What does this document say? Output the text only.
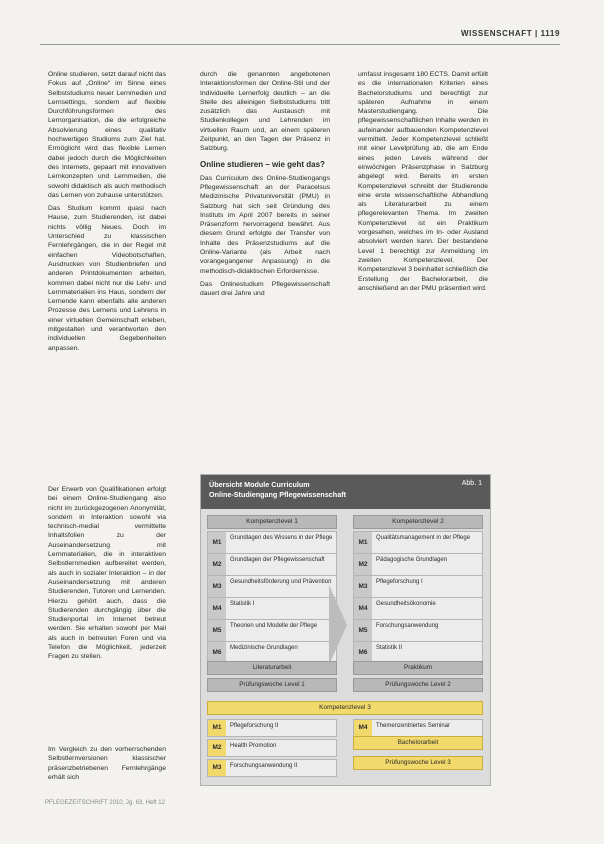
WISSENSCHAFT | 1119

Online studieren, setzt darauf nicht das Fokus auf „Online“ im Sinne eines Selbststudiums neuer Lernmedien und Lernsettings, sondern auf flexible Durchführungsformen des Lernorganisation, die die erfolgreiche Absolvierung eines qualitativ hochwertigen Studiums zum Ziel hat. Ermöglicht wird das flexible Lernen dabei jedoch durch die Möglichkeiten des Internets, gepaart mit innovativen Lernkonzepten und Lernmedien, die sowohl didaktisch als auch methodisch das Lernen von zuhause unterstützen.

Das Studium kommt quasi nach Hause, zum Studierenden, ist dabei nichts völlig Neues. Doch im Unterschied zu klassischen Fernlehrgängen, die in der Regel mit einfachen Videobotschaften, Ausdrucken von Studienbriefen und anderen Printdokumenten arbeiten, kommen dabei nicht nur die Lehr- und Lernmaterialien ins Haus, sondern der Lernende kann ebenfalls alle anderen Prozesse des Lernens und Lehrens in einer virtuellen Gemeinschaft erleben, mitgestalten und verantworten den individuellen Gegebenheiten anpassen.

Der Erwerb von Qualifikationen erfolgt bei einem Online-Studiengang also nicht im zurückgezogenen Anonymität, sondern in Interaktion sowohl via technisch-medial vermittelte Inhaltsfolien zu der Auseinandersetzung mit Lernmaterialien, die in interaktiven Selbstlernmedien aufbereitet werden, als auch in sozialer Interaktion – in der Auseinandersetzung mit anderen Studierenden, Tutoren und Lernenden. Hierzu gehört auch, dass die Studierenden durchgängig über die Studienportal im Internet betreut werden. Sie erhalten sowohl per Mail als auch in betreuten Foren und via Telefon die Möglichkeit, jederzeit Fragen zu stellen.

Im Vergleich zu den vorherrschenden Selbstlernversionen klassischer präsenzbetriebenen Fernlehrgänge erhält sich

durch die genannten angebotenen Interaktionsformen der Online-Stil und der Individuelle Lernerfolg deutlich – an die Stelle des alleinigen Selbststudiums tritt zusätzlich das Austausch mit Studienkollegen und Lehrenden im virtuellen Raum und, an einem späteren Zeitpunkt, an den Tagen der Präsenz in Salzburg.

Online studieren – wie geht das?

Das Curriculum des Online-Studiengangs Pflegewissenschaft an der Paracelsus Medizinische Privatuniversität (PMU) in Salzburg hat sich seit Gründung des Instituts im April 2007 bereits in seiner Präsenzform hervorragend bewährt. Aus diesem Grund erfolgte der Transfer von Inhalte des Präsenzstudiums auf die Online-Variante (als Arbeit nach vorangegangener Anpassung) in die methodisch-didaktischen Erfordernisse.

Das Onlinestudium Pflegewissenschaft dauert drei Jahre und

umfasst insgesamt 180 ECTS. Damit erfüllt es die internationalen Kriterien eines Bachelorstudiums und berechtigt zur späteren Aufnahme in einem Masterstudiengang. Die pflegewissenschaftlichen Inhalte werden in aufeinander aufbauenden Kompetenzlevel vermittelt. Jeder Kompetenzlevel schließt mit einer Levelprüfung ab, die am Ende eines jeden Levels während der einwöchigen Präsenzphase in Salzburg abgelegt wird. Bereits im ersten Kompetenzlevel schreibt der Studierende eine erste wissenschaftliche Abhandlung als Literaturarbeit zu einem pflegerelevanten Thema. Im zweiten Kompetenzlevel ist ein Praktikum vorgesehen, welches im In- oder Ausland absolviert werden kann. Der bestandene Level 1 berechtigt zur Anmeldung im zweiten Kompetenzlevel. Der Kompetenzlevel 3 beinhaltet schließlich die Erstellung der Bachelorarbeit, die anschließend an der PMU präsentiert wird.

Übersicht Module Curriculum
Online-Studiengang Pflegewissenschaft
Abb. 1
Kompetenzlevel 1	Kompetenzlevel 2
M1
Grundlagen des Wissens in der Pflege
M2
Grundlagen der Pflegewissenschaft
M3
Gesundheitsförderung und Prävention
M4
Statistik I
M5
Theorien und Modelle der Pflege
M6
Medizinische Grundlagen
M1
Qualitätsmanagement in der Pflege
M2
Pädagogische Grundlagen
M3
Pflegeforschung I
M4
Gesundheitsökonomie
M5
Forschungsanwendung
M6
Statistik II
Literaturarbeit
Prüfungswoche Level 1
Praktikum
Prüfungswoche Level 2
Kompetenzlevel 3
M1	Pflegeforschung II
M2	Health Promotion
M3	Forschungsanwendung II
M4	Themenzentriertes Seminar
Bachelorarbeit
Prüfungswoche Level 3
PFLEGEZEITSCHRIFT 2010, Jg. 63, Heft 12
